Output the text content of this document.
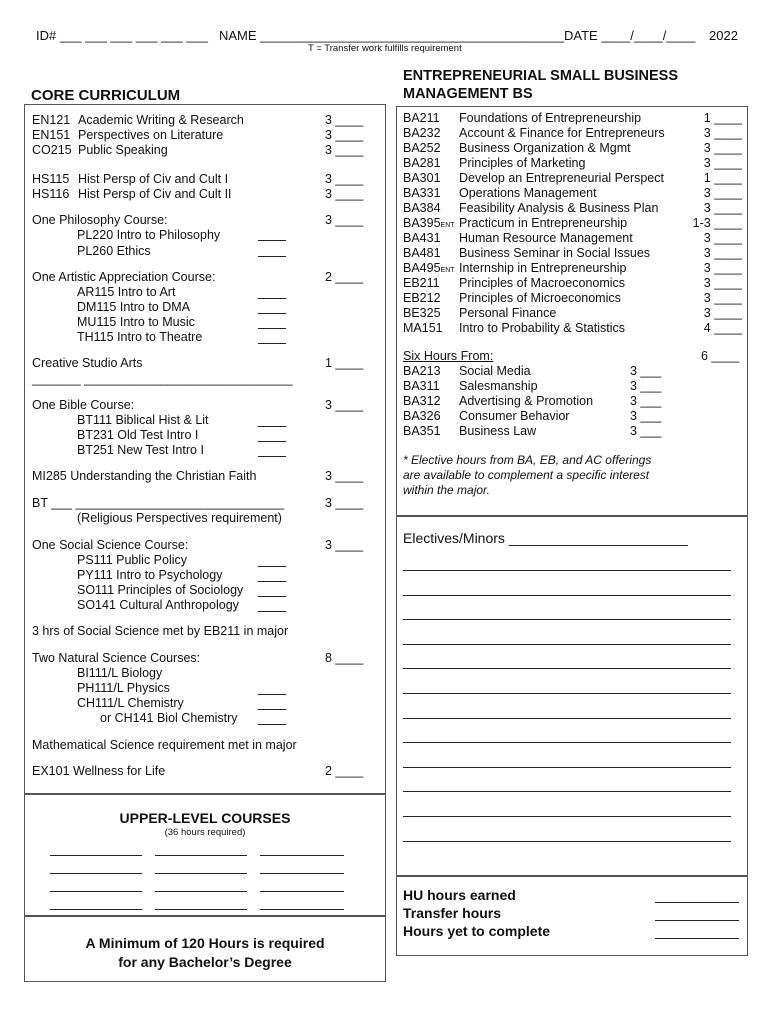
ID# ___ ___ ___ ___ ___ ___ NAME __________________________________________ DATE ____/____/____ 2022
T = Transfer work fulfills requirement
CORE CURRICULUM
EN121 Academic Writing & Research	3 ____
EN151 Perspectives on Literature	3 ____
CO215 Public Speaking	3 ____
HS115 Hist Persp of Civ and Cult I	3 ____
HS116 Hist Persp of Civ and Cult II	3 ____
One Philosophy Course:	3 ____
PL220 Intro to Philosophy
PL260 Ethics
One Artistic Appreciation Course:	2 ____
AR115 Intro to Art
DM115 Intro to DMA
MU115 Intro to Music
TH115 Intro to Theatre
Creative Studio Arts	1 ____
_______ ______________________________
One Bible Course:	3 ____
BT111 Biblical Hist & Lit
BT231 Old Test Intro I
BT251 New Test Intro I
MI285 Understanding the Christian Faith	3 ____
BT ___ ______________________________	3 ____
(Religious Perspectives requirement)
One Social Science Course:	3 ____
PS111 Public Policy
PY111 Intro to Psychology
SO111 Principles of Sociology
SO141 Cultural Anthropology
3 hrs of Social Science met by EB211 in major
Two Natural Science Courses:	8 ____
BI111/L Biology
PH111/L Physics
CH111/L Chemistry
or CH141 Biol Chemistry
Mathematical Science requirement met in major
EX101 Wellness for Life	2 ____
UPPER-LEVEL COURSES
(36 hours required)
A Minimum of 120 Hours is required
for any Bachelor’s Degree
ENTREPRENEURIAL SMALL BUSINESS
MANAGEMENT BS
BA211 Foundations of Entrepreneurship	1 ____
BA232 Account & Finance for Entrepreneurs	3 ____
BA252 Business Organization & Mgmt	3 ____
BA281 Principles of Marketing	3 ____
BA301 Develop an Entrepreneurial Perspect	1 ____
BA331 Operations Management	3 ____
BA384 Feasibility Analysis & Business Plan	3 ____
BA395ENT Practicum in Entrepreneurship	1-3 ____
BA431 Human Resource Management	3 ____
BA481 Business Seminar in Social Issues	3 ____
BA495ENT Internship in Entrepreneurship	3 ____
EB211 Principles of Macroeconomics	3 ____
EB212 Principles of Microeconomics	3 ____
BE325 Personal Finance	3 ____
MA151 Intro to Probability & Statistics	4 ____
Six Hours From:	6 ____
BA213 Social Media	3 ___
BA311 Salesmanship	3 ___
BA312 Advertising & Promotion	3 ___
BA326 Consumer Behavior	3 ___
BA351 Business Law	3 ___
* Elective hours from BA, EB, and AC offerings
are available to complement a specific interest
within the major.
Electives/Minors _______________________
HU hours earned
Transfer hours
Hours yet to complete
